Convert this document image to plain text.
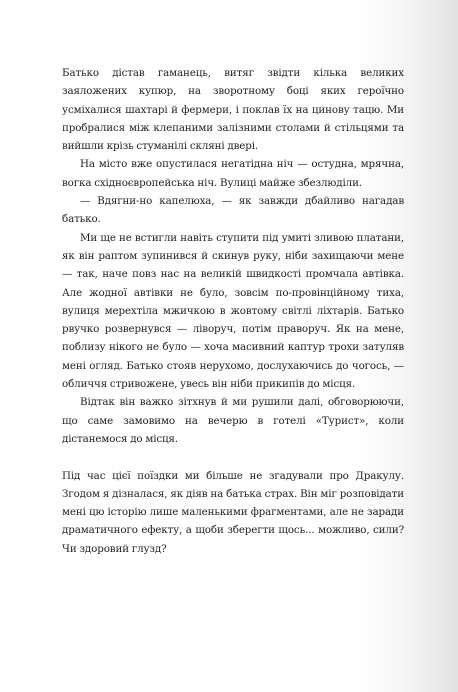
Батько дістав гаманець, витяг звідти кілька великих заяложених купюр, на зворотному боці яких героїчно усміхалися шахтарі й фермери, і поклав їх на цинову тацю. Ми пробралися між клепаними залізними столами й стільцями та вийшли крізь стуманілі скляні двері.

На місто вже опустилася негатідна ніч — остудна, мрячна, вогка східноєвропейська ніч. Вулиці майже збезлюділи.

— Вдягни-но капелюха, — як завжди дбайливо нагадав батько.

Ми ще не встигли навіть ступити під умиті зливою платани, як він раптом зупинився й скинув руку, ніби захищаючи мене — так, наче повз нас на великій швидкості промчала автівка. Але жодної автівки не було, зовсім по-провінційному тиха, вулиця мерехтіла мжичкою в жовтому світлі ліхтарів. Батько рвучко розвернувся — ліворуч, потім праворуч. Як на мене, поблизу нікого не було — хоча масивний каптур трохи затуляв мені огляд. Батько стояв нерухомо, дослухаючись до чогось, — обличчя стривожене, увесь він ніби прикипів до місця.

Відтак він важко зітхнув й ми рушили далі, обговорюючи, що саме замовимо на вечерю в готелі «Турист», коли дістанемося до місця.

Під час цієї поїздки ми більше не згадували про Дракулу. Згодом я дізналася, як діяв на батька страх. Він міг розповідати мені цю історію лише маленькими фрагментами, але не заради драматичного ефекту, а щоби зберегти щось... можливо, сили? Чи здоровий глузд?
